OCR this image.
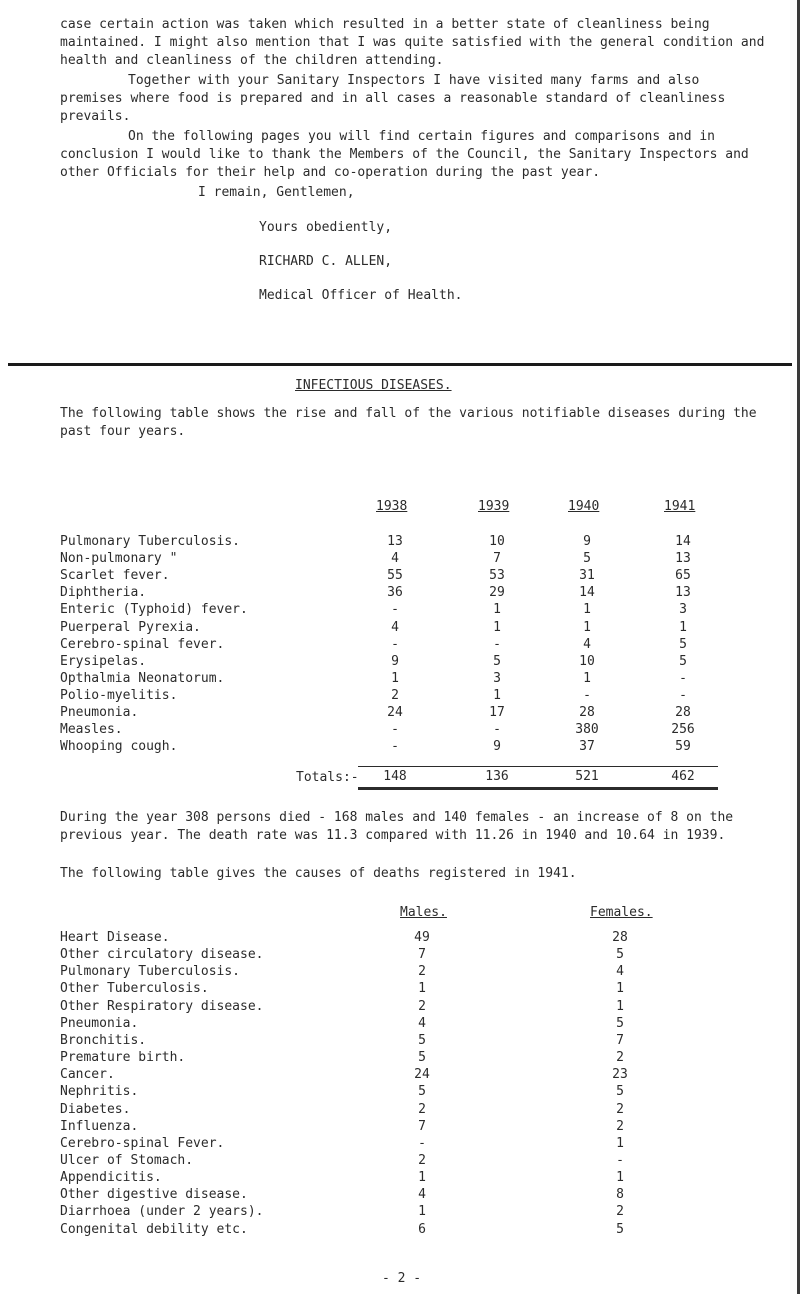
case certain action was taken which resulted in a better state of cleanliness being maintained. I might also mention that I was quite satisfied with the general condition and health and cleanliness of the children attending.
Together with your Sanitary Inspectors I have visited many farms and also premises where food is prepared and in all cases a reasonable standard of cleanliness prevails.
On the following pages you will find certain figures and comparisons and in conclusion I would like to thank the Members of the Council, the Sanitary Inspectors and other Officials for their help and co-operation during the past year.
I remain, Gentlemen,
Yours obediently,
RICHARD C. ALLEN,
Medical Officer of Health.
INFECTIOUS DISEASES.
The following table shows the rise and fall of the various notifiable diseases during the past four years.
1938	1939	1940	1941
Pulmonary Tuberculosis.	13	10	9	14
Non-pulmonary "	4	7	5	13
Scarlet fever.	55	53	31	65
Diphtheria.	36	29	14	13
Enteric (Typhoid) fever.	-	1	1	3
Puerperal Pyrexia.	4	1	1	1
Cerebro-spinal fever.	-	-	4	5
Erysipelas.	9	5	10	5
Opthalmia Neonatorum.	1	3	1	-
Polio-myelitis.	2	1	-	-
Pneumonia.	24	17	28	28
Measles.	-	-	380	256
Whooping cough.	-	9	37	59
Totals:-	148	136	521	462
During the year 308 persons died - 168 males and 140 females - an increase of 8 on the previous year. The death rate was 11.3 compared with 11.26 in 1940 and 10.64 in 1939.
The following table gives the causes of deaths registered in 1941.
Males.	Females.
Heart Disease.	49	28
Other circulatory disease.	7	5
Pulmonary Tuberculosis.	2	4
Other Tuberculosis.	1	1
Other Respiratory disease.	2	1
Pneumonia.	4	5
Bronchitis.	5	7
Premature birth.	5	2
Cancer.	24	23
Nephritis.	5	5
Diabetes.	2	2
Influenza.	7	2
Cerebro-spinal Fever.	-	1
Ulcer of Stomach.	2	-
Appendicitis.	1	1
Other digestive disease.	4	8
Diarrhoea (under 2 years).	1	2
Congenital debility etc.	6	5
- 2 -
